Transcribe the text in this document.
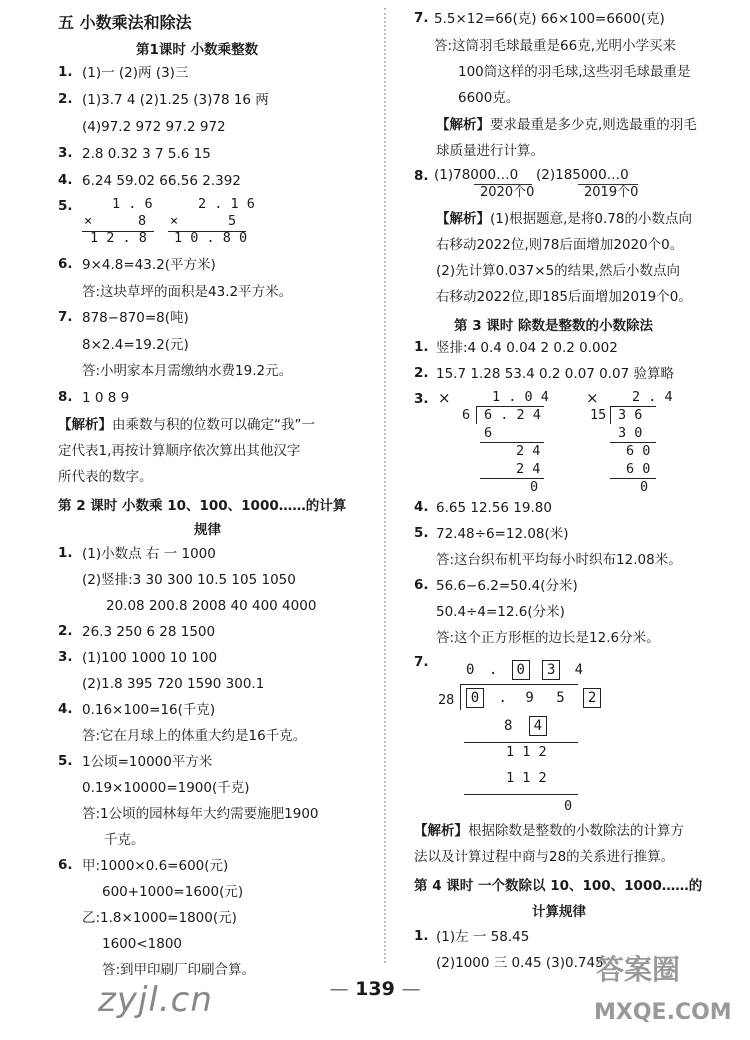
五 小数乘法和除法
第1课时 小数乘整数
1. (1)一 (2)两 (3)三
2. (1)3.7 4 (2)1.25 (3)78 16 两
(4)97.2 972 97.2 972
3. 2.8 0.32 3 7 5.6 15
4. 6.24 59.02 66.56 2.392
5.	1 . 6
×	8
1 2 . 8
2 . 1 6
×	5
1 0 . 8 0
6. 9×4.8=43.2(平方米)
答:这块草坪的面积是43.2平方米。
7. 878−870=8(吨)
8×2.4=19.2(元)
答:小明家本月需缴纳水费19.2元。
8. 1 0 8 9
【解析】由乘数与积的位数可以确定“我”一
定代表1,再按计算顺序依次算出其他汉字
所代表的数字。
第 2 课时 小数乘 10、100、1000……的计算
规律
1. (1)小数点 右 一 1000
(2)竖排:3 30 300 10.5 105 1050
20.08 200.8 2008 40 400 4000
2. 26.3 250 6 28 1500
3. (1)100 1000 10 100
(2)1.8 395 720 1590 300.1
4. 0.16×100=16(千克)
答:它在月球上的体重大约是16千克。
5. 1公顷=10000平方米
0.19×10000=1900(千克)
答:1公顷的园林每年大约需要施肥1900
千克。
6. 甲:1000×0.6=600(元)
600+1000=1600(元)
乙:1.8×1000=1800(元)
1600<1800
答:到甲印刷厂印刷合算。
7. 5.5×12=66(克) 66×100=6600(克)
答:这筒羽毛球最重是66克,光明小学买来
100筒这样的羽毛球,这些羽毛球最重是
6600克。
【解析】要求最重是多少克,则选最重的羽毛
球质量进行计算。
8. (1)78000…0
2020个0
(2)185000…0
2019个0
【解析】(1)根据题意,是将0.78的小数点向
右移动2022位,则78后面增加2020个0。
(2)先计算0.037×5的结果,然后小数点向
右移动2022位,即185后面增加2019个0。
第 3 课时 除数是整数的小数除法
1. 竖排:4 0.4 0.04 2 0.2 0.002
2. 15.7 1.28 53.4 0.2 0.07 0.07 验算略
3. ×	1 . 0 4
6 6 . 2 4
6
2 4
2 4
0
× 2 . 4
15 3 6
3 0
6 0
6 0
0
4. 6.65 12.56 19.80
5. 72.48÷6=12.08(米)
答:这台织布机平均每小时织布12.08米。
6. 56.6−6.2=50.4(分米)
50.4÷4=12.6(分米)
答:这个正方形框的边长是12.6分米。
7.	0 . 0 3 4
28	0 . 9 5 2
8 4
1 1 2
1 1 2
0
【解析】根据除数是整数的小数除法的计算方
法以及计算过程中商与28的关系进行推算。
第 4 课时 一个数除以 10、100、1000……的
计算规律
1. (1)左 一 58.45
(2)1000 三 0.45 (3)0.745
— 139 —
zyjl.cn
答案圈
MXQE.COM
